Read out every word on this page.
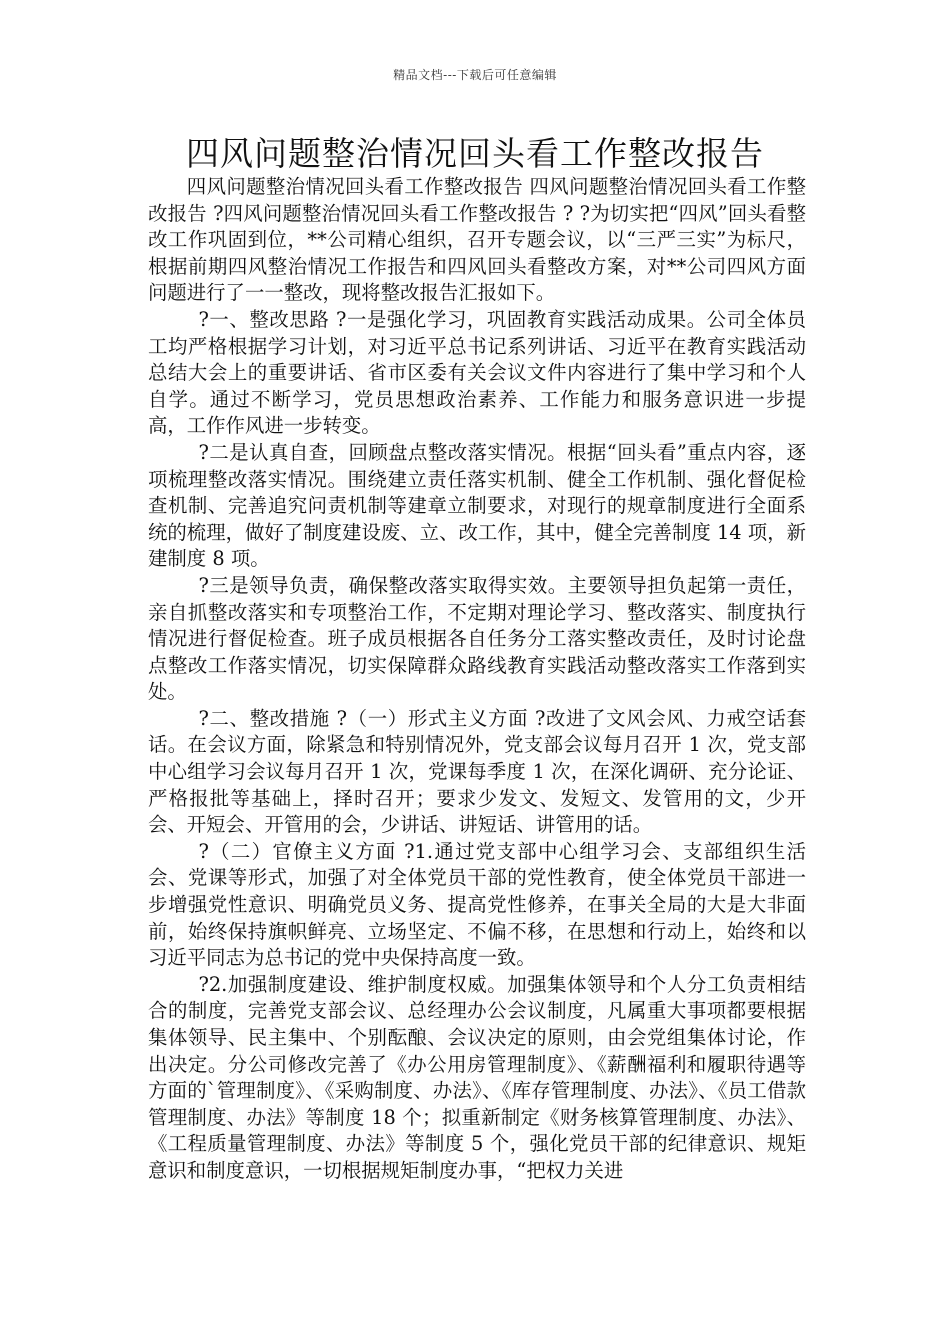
精品文档---下载后可任意编辑
四风问题整治情况回头看工作整改报告

四风问题整治情况回头看工作整改报告 四风问题整治情况回头看工作整改报告 ?四风问题整治情况回头看工作整改报告 ? ?为切实把“四风”回头看整改工作巩固到位，**公司精心组织，召开专题会议，以“三严三实”为标尺，根据前期四风整治情况工作报告和四风回头看整改方案，对**公司四风方面问题进行了一一整改，现将整改报告汇报如下。

?一、整改思路 ?一是强化学习，巩固教育实践活动成果。公司全体员工均严格根据学习计划，对习近平总书记系列讲话、习近平在教育实践活动总结大会上的重要讲话、省市区委有关会议文件内容进行了集中学习和个人自学。通过不断学习，党员思想政治素养、工作能力和服务意识进一步提高，工作作风进一步转变。

?二是认真自查，回顾盘点整改落实情况。根据“回头看”重点内容，逐项梳理整改落实情况。围绕建立责任落实机制、健全工作机制、强化督促检查机制、完善追究问责机制等建章立制要求，对现行的规章制度进行全面系统的梳理，做好了制度建设废、立、改工作，其中，健全完善制度 14 项，新建制度 8 项。

?三是领导负责，确保整改落实取得实效。主要领导担负起第一责任，亲自抓整改落实和专项整治工作，不定期对理论学习、整改落实、制度执行情况进行督促检查。班子成员根据各自任务分工落实整改责任，及时讨论盘点整改工作落实情况，切实保障群众路线教育实践活动整改落实工作落到实处。

?二、整改措施 ?（一）形式主义方面 ?改进了文风会风、力戒空话套话。在会议方面，除紧急和特别情况外，党支部会议每月召开 1 次，党支部中心组学习会议每月召开 1 次，党课每季度 1 次，在深化调研、充分论证、严格报批等基础上，择时召开；要求少发文、发短文、发管用的文，少开会、开短会、开管用的会，少讲话、讲短话、讲管用的话。

?（二）官僚主义方面 ?1.通过党支部中心组学习会、支部组织生活会、党课等形式，加强了对全体党员干部的党性教育，使全体党员干部进一步增强党性意识、明确党员义务、提高党性修养，在事关全局的大是大非面前，始终保持旗帜鲜亮、立场坚定、不偏不移，在思想和行动上，始终和以习近平同志为总书记的党中央保持高度一致。

?2.加强制度建设、维护制度权威。加强集体领导和个人分工负责相结合的制度，完善党支部会议、总经理办公会议制度，凡属重大事项都要根据集体领导、民主集中、个别酝酿、会议决定的原则，由会党组集体讨论，作出决定。分公司修改完善了《办公用房管理制度》、《薪酬福利和履职待遇等方面的`管理制度》、《采购制度、办法》、《库存管理制度、办法》、《员工借款管理制度、办法》等制度 18 个；拟重新制定《财务核算管理制度、办法》、《工程质量管理制度、办法》等制度 5 个，强化党员干部的纪律意识、规矩意识和制度意识，一切根据规矩制度办事，“把权力关进
